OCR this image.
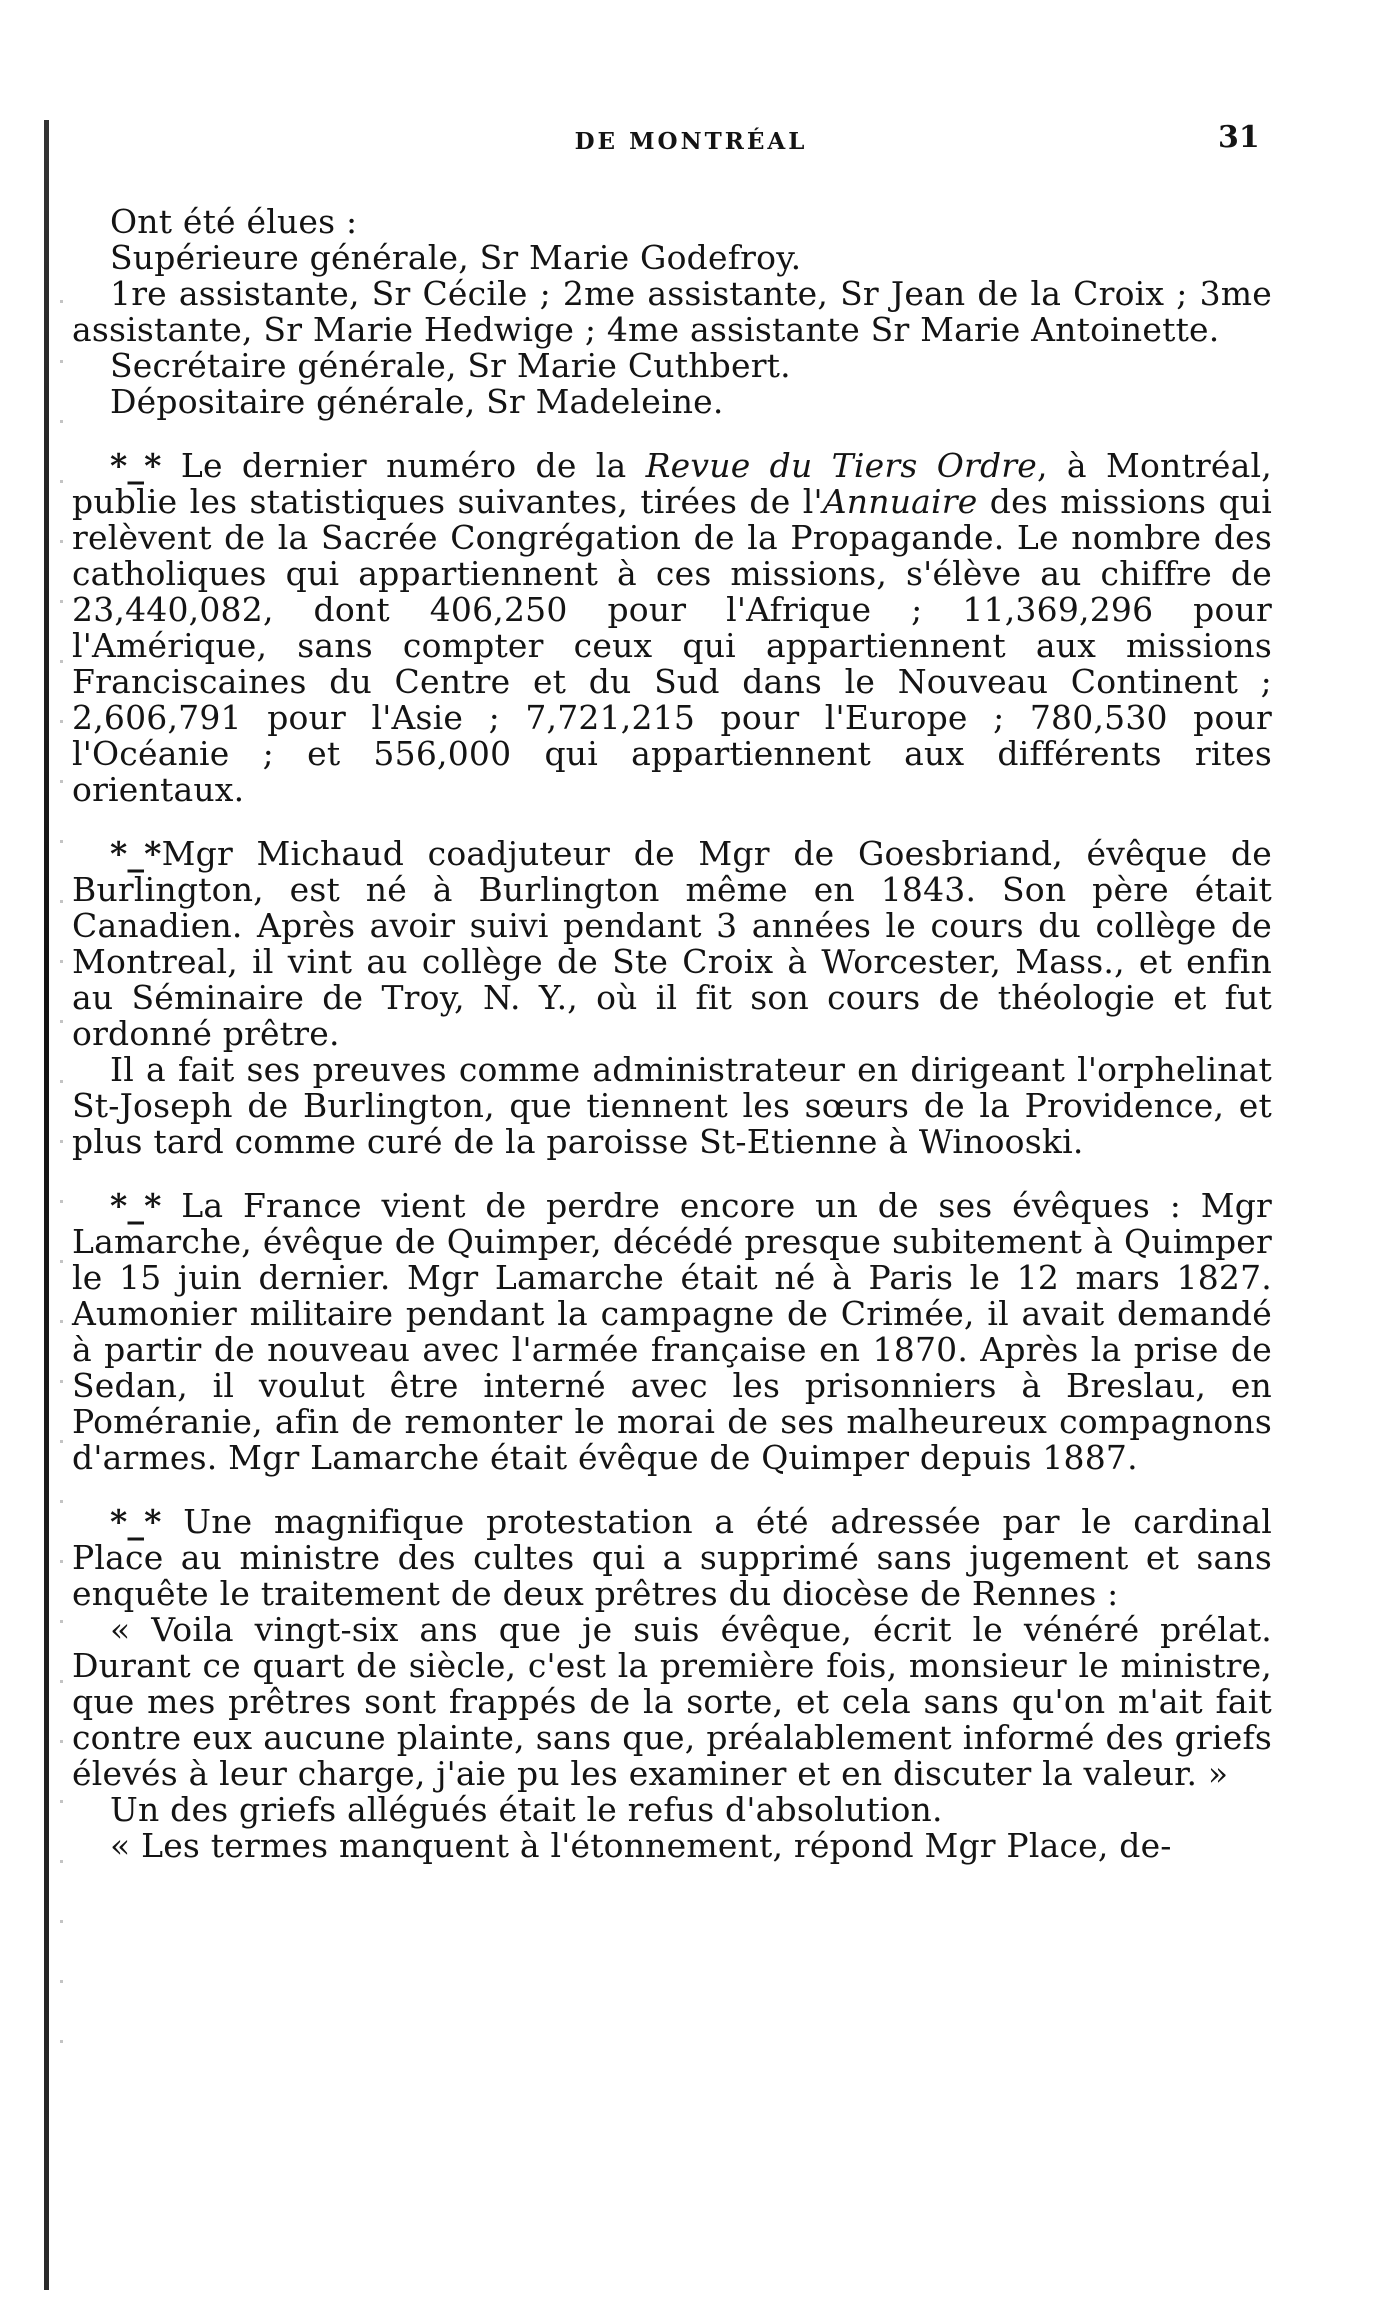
DE MONTRÉAL	31

Ont été élues :

Supérieure générale, Sr Marie Godefroy.

1re assistante, Sr Cécile ; 2me assistante, Sr Jean de la Croix ; 3me assistante, Sr Marie Hedwige ; 4me assistante Sr Marie Antoinette.

Secrétaire générale, Sr Marie Cuthbert.

Dépositaire générale, Sr Madeleine.

*_* Le dernier numéro de la Revue du Tiers Ordre, à Montréal, publie les statistiques suivantes, tirées de l'Annuaire des missions qui relèvent de la Sacrée Congrégation de la Propagande. Le nombre des catholiques qui appartiennent à ces missions, s'élève au chiffre de 23,440,082, dont 406,250 pour l'Afrique ; 11,369,296 pour l'Amérique, sans compter ceux qui appartiennent aux missions Franciscaines du Centre et du Sud dans le Nouveau Continent ; 2,606,791 pour l'Asie ; 7,721,215 pour l'Europe ; 780,530 pour l'Océanie ; et 556,000 qui appartiennent aux différents rites orientaux.

*_*Mgr Michaud coadjuteur de Mgr de Goesbriand, évêque de Burlington, est né à Burlington même en 1843. Son père était Canadien. Après avoir suivi pendant 3 années le cours du collège de Montreal, il vint au collège de Ste Croix à Worcester, Mass., et enfin au Séminaire de Troy, N. Y., où il fit son cours de théologie et fut ordonné prêtre.

Il a fait ses preuves comme administrateur en dirigeant l'orphelinat St-Joseph de Burlington, que tiennent les sœurs de la Providence, et plus tard comme curé de la paroisse St-Etienne à Winooski.

*_* La France vient de perdre encore un de ses évêques : Mgr Lamarche, évêque de Quimper, décédé presque subitement à Quimper le 15 juin dernier. Mgr Lamarche était né à Paris le 12 mars 1827. Aumonier militaire pendant la campagne de Crimée, il avait demandé à partir de nouveau avec l'armée française en 1870. Après la prise de Sedan, il voulut être interné avec les prisonniers à Breslau, en Poméranie, afin de remonter le morai de ses malheureux compagnons d'armes. Mgr Lamarche était évêque de Quimper depuis 1887.

*_* Une magnifique protestation a été adressée par le cardinal Place au ministre des cultes qui a supprimé sans jugement et sans enquête le traitement de deux prêtres du diocèse de Rennes :

« Voila vingt-six ans que je suis évêque, écrit le vénéré prélat. Durant ce quart de siècle, c'est la première fois, monsieur le ministre, que mes prêtres sont frappés de la sorte, et cela sans qu'on m'ait fait contre eux aucune plainte, sans que, préalablement informé des griefs élevés à leur charge, j'aie pu les examiner et en discuter la valeur. »

Un des griefs allégués était le refus d'absolution.

« Les termes manquent à l'étonnement, répond Mgr Place, de-
